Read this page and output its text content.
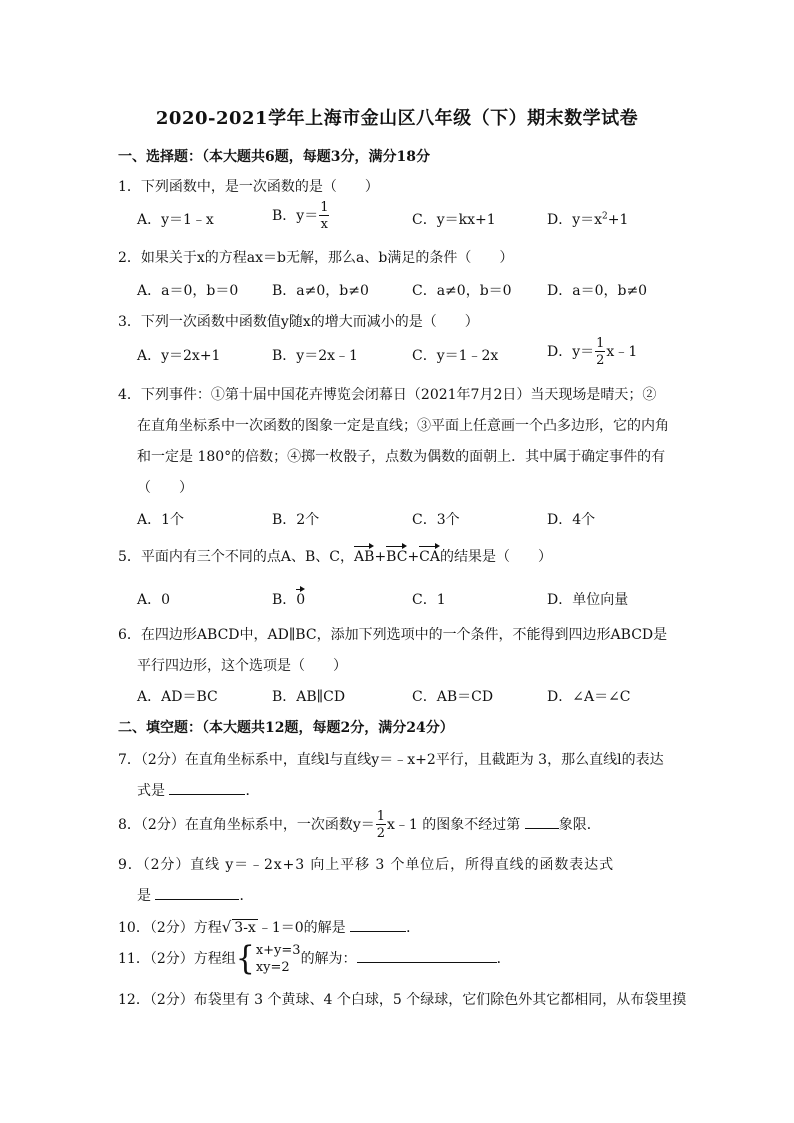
2020-2021学年上海市金山区八年级（下）期末数学试卷
一、选择题：（本大题共6题，每题3分，满分18分
1．下列函数中，是一次函数的是（　　）
A．y＝1﹣x	B．$y= \frac{1}{x}$	C．y＝kx+1	D．$y=x^2+1$
2．如果关于x的方程ax＝b无解，那么a、b满足的条件（　　）
A．a＝0，b＝0 B．a≠0，b≠0	C．a≠0，b＝0	D．a＝0，b≠0
3．下列一次函数中函数值y随x的增大而减小的是（　　）
A．y＝2x+1	B．y＝2x﹣1	C．y＝1﹣2x	D．$y= \frac{1}{2}$ x﹣1
4．下列事件：①第十届中国花卉博览会闭幕日（2021年7月2日）当天现场是晴天；②
在直角坐标系中一次函数的图象一定是直线；③平面上任意画一个凸多边形，它的内角
和一定是 180°的倍数；④掷一枚骰子，点数为偶数的面朝上．其中属于确定事件的有
（　　）
A．1个	B．2个	C．3个	D．4个
5．平面内有三个不同的点A、B、C，AB+BC+CA的结果是（　　）
A．0	B．0	C．1	D．单位向量
6．在四边形ABCD中，AD∥BC，添加下列选项中的一个条件，不能得到四边形ABCD是
平行四边形，这个选项是（　　）
A．AD＝BC	B．AB∥CD	C．AB＝CD	D．∠A＝∠C
二、填空题：（本大题共12题，每题2分，满分24分）
7．（2分）在直角坐标系中，直线l与直线y＝﹣x+2平行，且截距为 3，那么直线l的表达
式是	．
8．（2分）在直角坐标系中，一次函数$y= \frac{1}{2}$ x﹣1 的图象不经过第 象限．
9．（2分）直线 y＝﹣2x+3 向上平移 3 个单位后，所得直线的函数表达式
是	．
10．（2分）方程√ 3-x ﹣1＝0的解是	．
11．（2分）方程组{ x+y=3
xy=2
的解为：	．
12．（2分）布袋里有 3 个黄球、4 个白球，5 个绿球，它们除色外其它都相同，从布袋里摸
